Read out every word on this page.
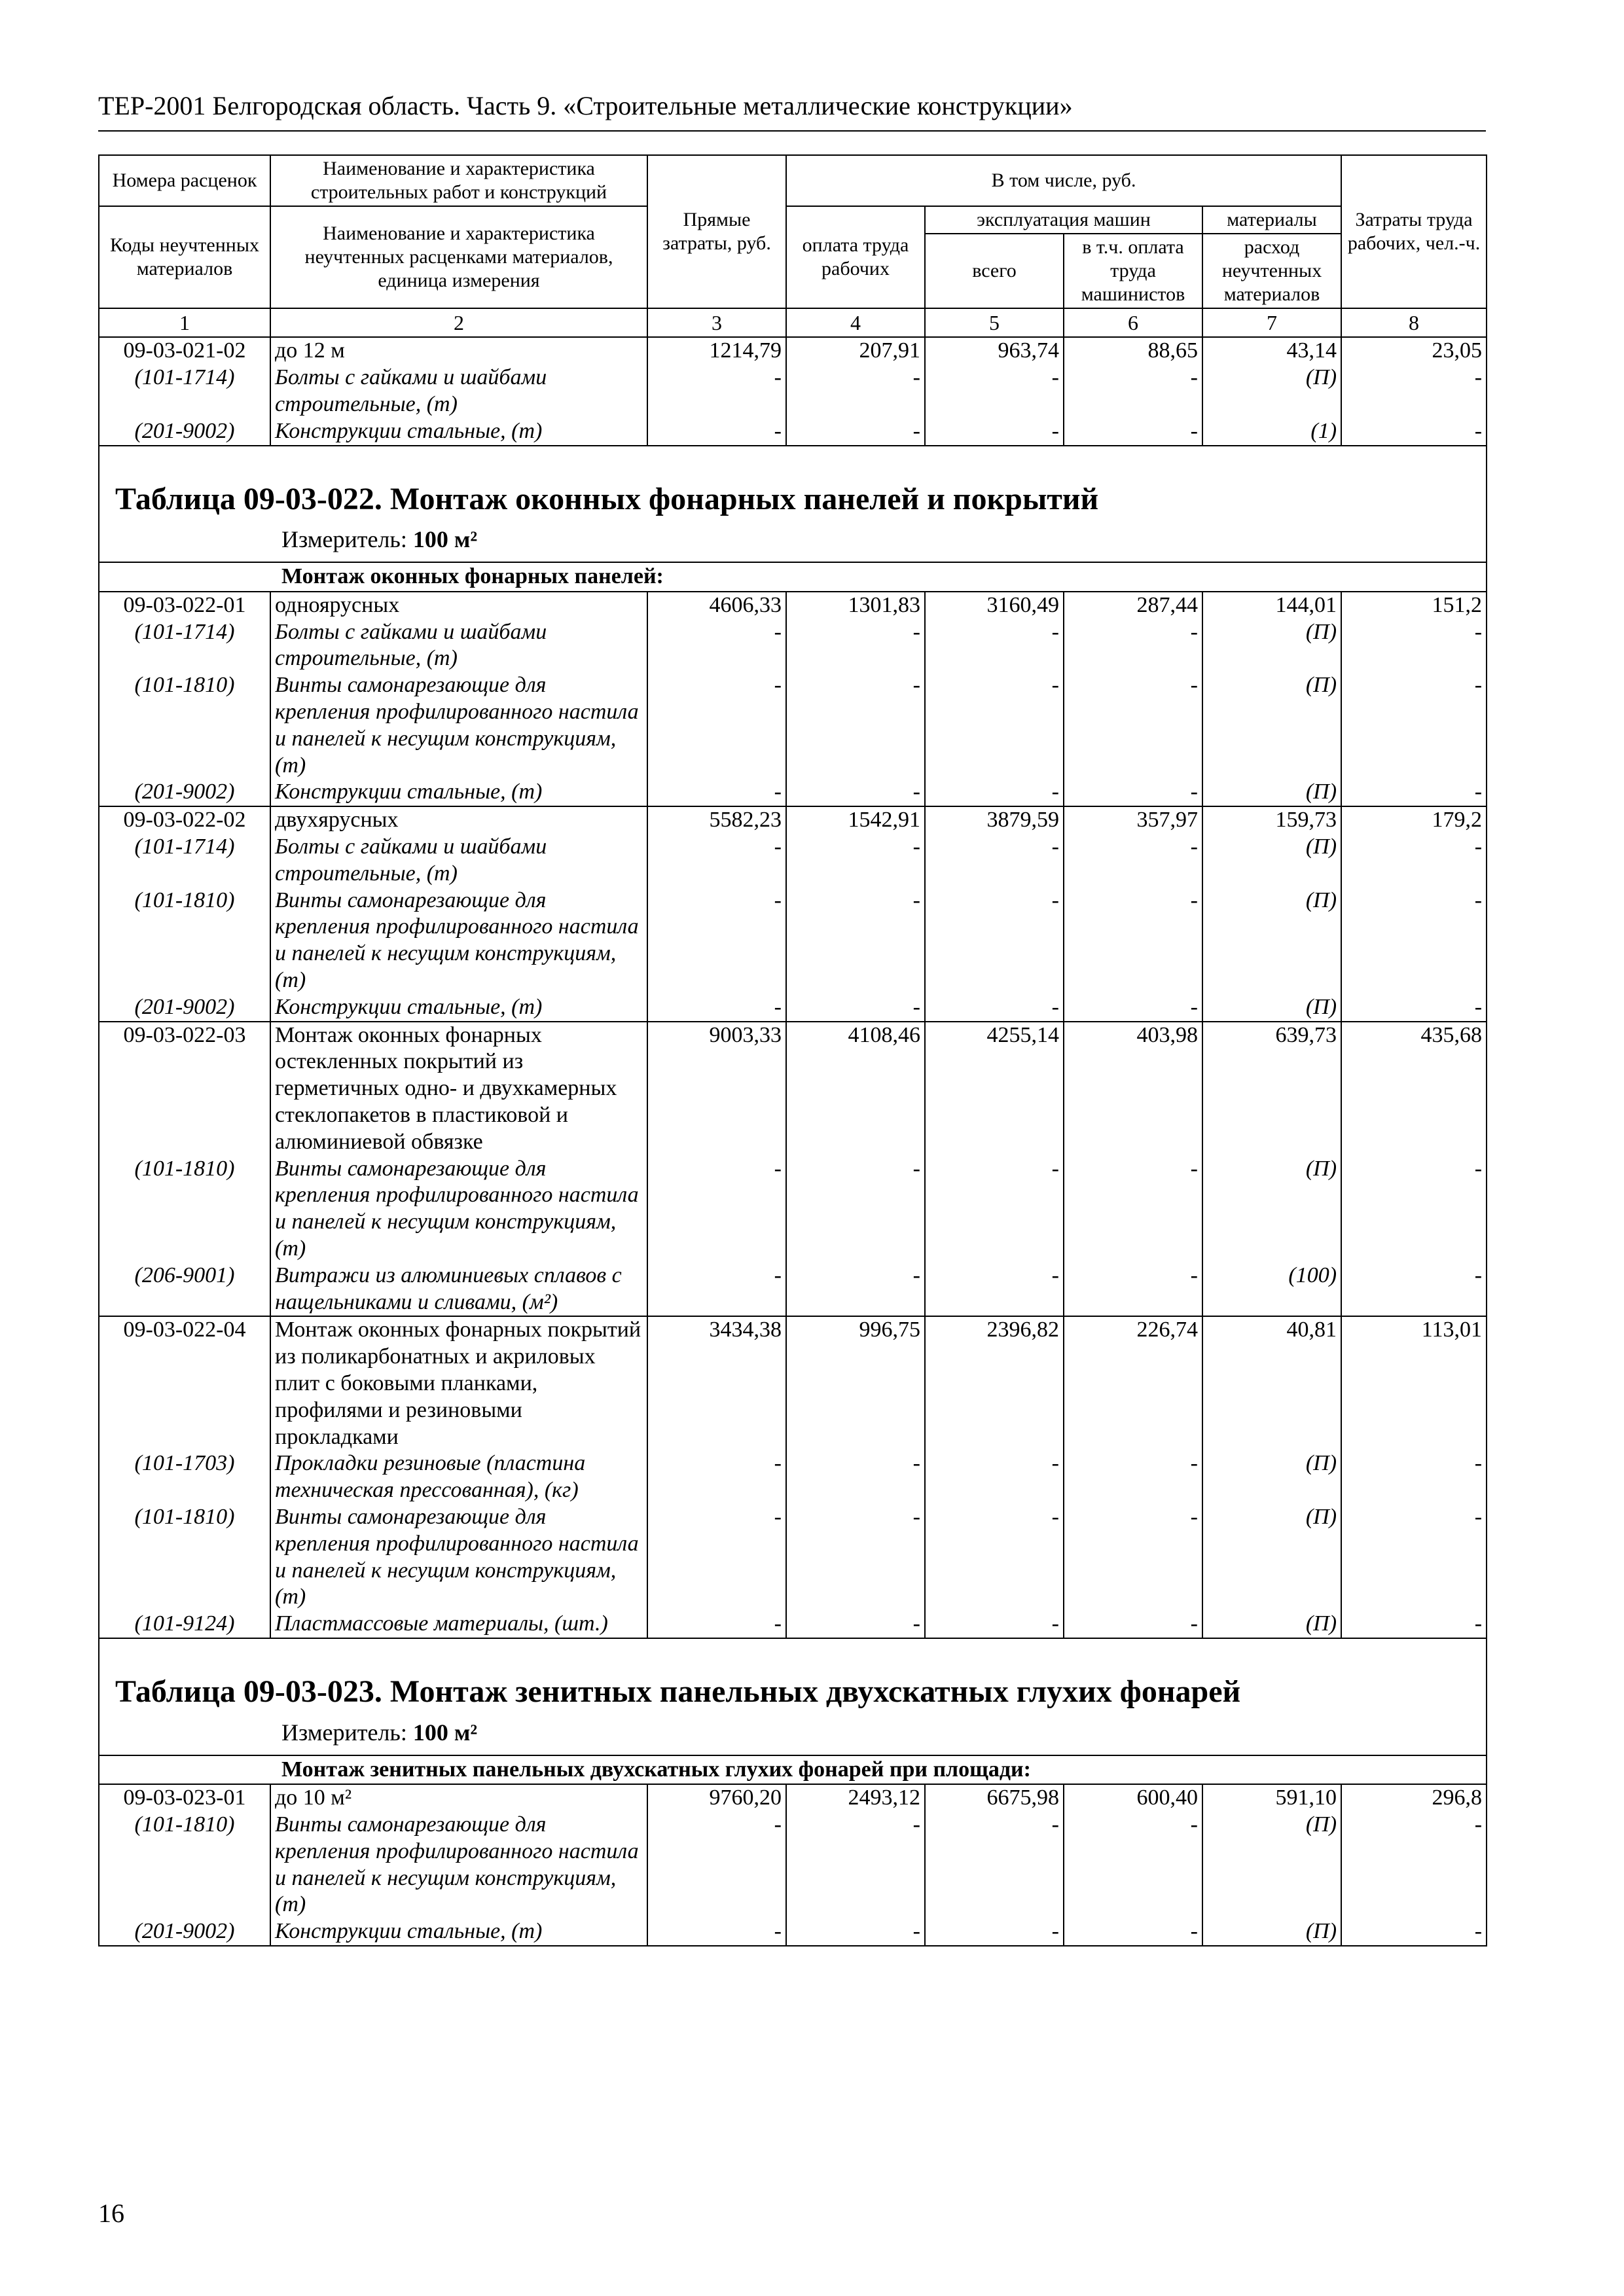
ТЕР-2001 Белгородская область. Часть 9. «Строительные металлические конструкции»
Номера расценок	Наименование и характеристика строительных работ и конструкций	Прямые затраты, руб.	В том числе, руб.				Затраты труда рабочих, чел.-ч.
Коды неучтенных материалов	Наименование и характеристика неучтенных расценками материалов, единица измерения		оплата труда рабочих	эксплуатация машин		материалы	
				всего	в т.ч. оплата труда машинистов	расход неучтенных материалов	
1	2	3	4	5	6	7	8
09-03-021-02	до 12 м	1214,79	207,91	963,74	88,65	43,14	23,05
(101-1714)	Болты с гайками и шайбами строительные, (т)	-	-	-	-	(П)	-
(201-9002)	Конструкции стальные, (т)	-	-	-	-	(1)	-

Таблица 09-03-022. Монтаж оконных фонарных панелей и покрытий
Измеритель: 100 м²							

Монтаж оконных фонарных панелей:							
09-03-022-01	одноярусных	4606,33	1301,83	3160,49	287,44	144,01	151,2
(101-1714)	Болты с гайками и шайбами строительные, (т)	-	-	-	-	(П)	-
(101-1810)	Винты самонарезающие для крепления профилированного настила и панелей к несущим конструкциям, (т)	-	-	-	-	(П)	-
(201-9002)	Конструкции стальные, (т)	-	-	-	-	(П)	-
09-03-022-02	двухярусных	5582,23	1542,91	3879,59	357,97	159,73	179,2
(101-1714)	Болты с гайками и шайбами строительные, (т)	-	-	-	-	(П)	-
(101-1810)	Винты самонарезающие для крепления профилированного настила и панелей к несущим конструкциям, (т)	-	-	-	-	(П)	-
(201-9002)	Конструкции стальные, (т)	-	-	-	-	(П)	-
09-03-022-03	Монтаж оконных фонарных остекленных покрытий из герметичных одно- и двухкамерных стеклопакетов в пластиковой и алюминиевой обвязке	9003,33	4108,46	4255,14	403,98	639,73	435,68
(101-1810)	Винты самонарезающие для крепления профилированного настила и панелей к несущим конструкциям, (т)	-	-	-	-	(П)	-
(206-9001)	Витражи из алюминиевых сплавов с нащельниками и сливами, (м²)	-	-	-	-	(100)	-
09-03-022-04	Монтаж оконных фонарных покрытий из поликарбонатных и акриловых плит с боковыми планками, профилями и резиновыми прокладками	3434,38	996,75	2396,82	226,74	40,81	113,01
(101-1703)	Прокладки резиновые (пластина техническая прессованная), (кг)	-	-	-	-	(П)	-
(101-1810)	Винты самонарезающие для крепления профилированного настила и панелей к несущим конструкциям, (т)	-	-	-	-	(П)	-
(101-9124)	Пластмассовые материалы, (шт.)	-	-	-	-	(П)	-

Таблица 09-03-023. Монтаж зенитных панельных двухскатных глухих фонарей
Измеритель: 100 м²							

Монтаж зенитных панельных двухскатных глухих фонарей при площади:							
09-03-023-01	до 10 м²	9760,20	2493,12	6675,98	600,40	591,10	296,8
(101-1810)	Винты самонарезающие для крепления профилированного настила и панелей к несущим конструкциям, (т)	-	-	-	-	(П)	-
(201-9002)	Конструкции стальные, (т)	-	-	-	-	(П)	-
16
